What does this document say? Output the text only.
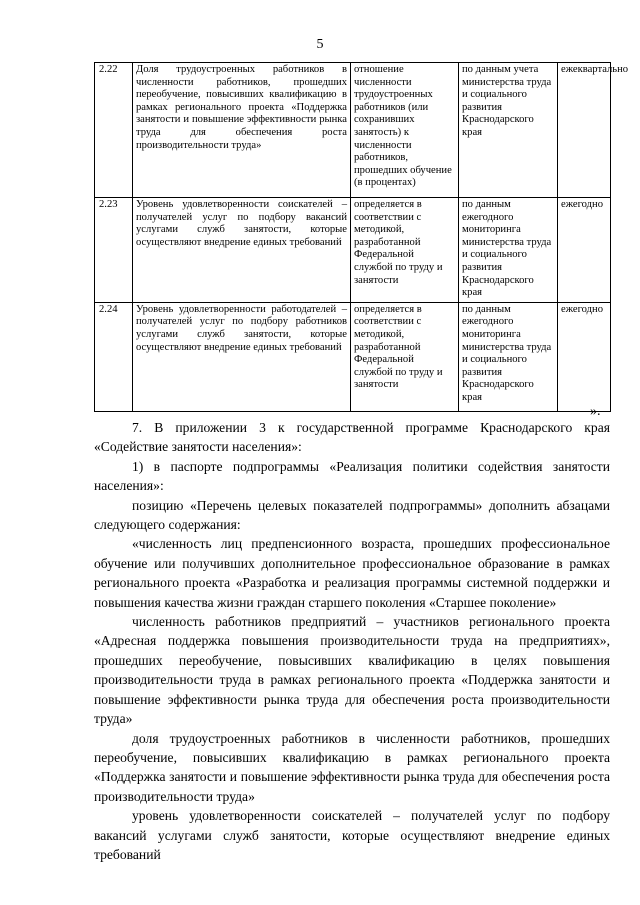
5
2.22	Доля трудоустроенных работников в численности работников, прошедших переобучение, повысивших квалификацию в рамках регионального проекта «Поддержка занятости и повышение эффективности рынка труда для обеспечения роста производительности труда»	отношение численности трудоустроенных работников (или сохранивших занятость) к численности работников, прошедших обучение (в процентах)	по данным учета министерства труда и социального развития Краснодарского края	ежеквартально
2.23	Уровень удовлетворенности соискателей – получателей услуг по подбору вакансий услугами служб занятости, которые осуществляют внедрение единых требований	определяется в соответствии с методикой, разработанной Федеральной службой по труду и занятости	по данным ежегодного мониторинга министерства труда и социального развития Краснодарского края	ежегодно
2.24	Уровень удовлетворенности работодателей – получателей услуг по подбору работников услугами служб занятости, которые осуществляют внедрение единых требований	определяется в соответствии с методикой, разработанной Федеральной службой по труду и занятости	по данным ежегодного мониторинга министерства труда и социального развития Краснодарского края	ежегодно
».

7. В приложении 3 к государственной программе Краснодарского края «Содействие занятости населения»:

1) в паспорте подпрограммы «Реализация политики содействия занятости населения»:

позицию «Перечень целевых показателей подпрограммы» дополнить абзацами следующего содержания:

«численность лиц предпенсионного возраста, прошедших профессиональное обучение или получивших дополнительное профессиональное образование в рамках регионального проекта «Разработка и реализация программы системной поддержки и повышения качества жизни граждан старшего поколения «Старшее поколение»

численность работников предприятий – участников регионального проекта «Адресная поддержка повышения производительности труда на предприятиях», прошедших переобучение, повысивших квалификацию в целях повышения производительности труда в рамках регионального проекта «Поддержка занятости и повышение эффективности рынка труда для обеспечения роста производительности труда»

доля трудоустроенных работников в численности работников, прошедших переобучение, повысивших квалификацию в рамках регионального проекта «Поддержка занятости и повышение эффективности рынка труда для обеспечения роста производительности труда»

уровень удовлетворенности соискателей – получателей услуг по подбору вакансий услугами служб занятости, которые осуществляют внедрение единых требований
